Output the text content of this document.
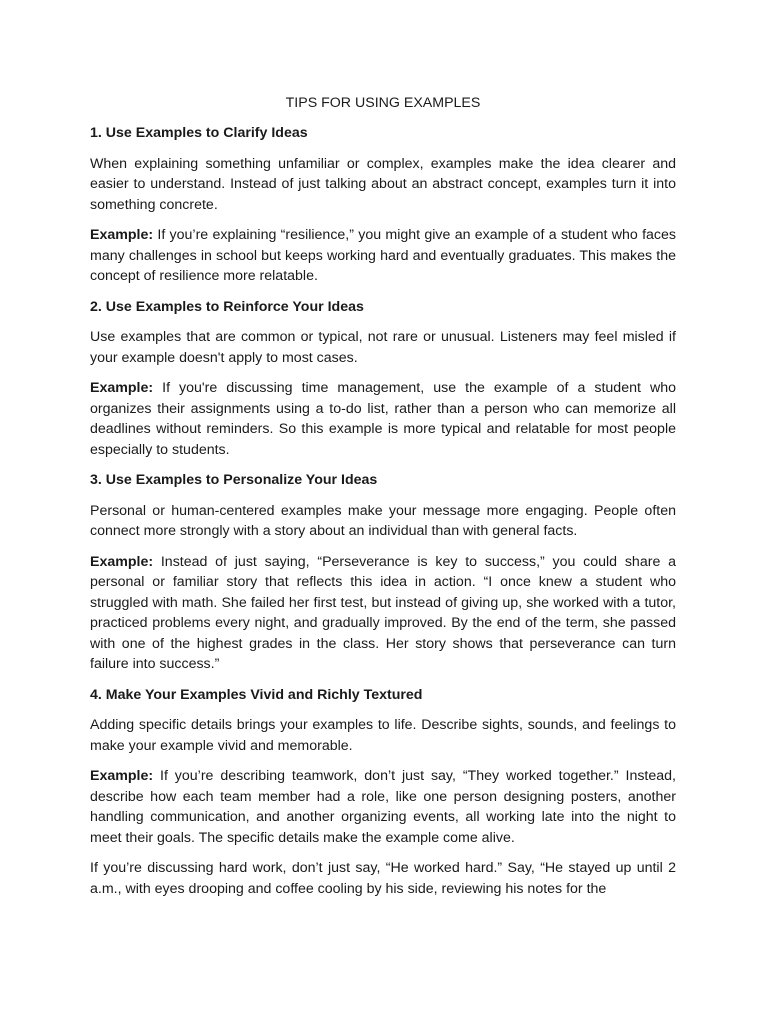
TIPS FOR USING EXAMPLES
1. Use Examples to Clarify Ideas
When explaining something unfamiliar or complex, examples make the idea clearer and easier to understand. Instead of just talking about an abstract concept, examples turn it into something concrete.
Example: If you’re explaining “resilience,” you might give an example of a student who faces many challenges in school but keeps working hard and eventually graduates. This makes the concept of resilience more relatable.
2. Use Examples to Reinforce Your Ideas
Use examples that are common or typical, not rare or unusual. Listeners may feel misled if your example doesn't apply to most cases.
Example: If you're discussing time management, use the example of a student who organizes their assignments using a to-do list, rather than a person who can memorize all deadlines without reminders. So this example is more typical and relatable for most people especially to students.
3. Use Examples to Personalize Your Ideas
Personal or human-centered examples make your message more engaging. People often connect more strongly with a story about an individual than with general facts.
Example: Instead of just saying, “Perseverance is key to success,” you could share a personal or familiar story that reflects this idea in action. “I once knew a student who struggled with math. She failed her first test, but instead of giving up, she worked with a tutor, practiced problems every night, and gradually improved. By the end of the term, she passed with one of the highest grades in the class. Her story shows that perseverance can turn failure into success.”
4. Make Your Examples Vivid and Richly Textured
Adding specific details brings your examples to life. Describe sights, sounds, and feelings to make your example vivid and memorable.
Example: If you’re describing teamwork, don’t just say, “They worked together.” Instead, describe how each team member had a role, like one person designing posters, another handling communication, and another organizing events, all working late into the night to meet their goals. The specific details make the example come alive.
If you’re discussing hard work, don’t just say, “He worked hard.” Say, “He stayed up until 2 a.m., with eyes drooping and coffee cooling by his side, reviewing his notes for the
